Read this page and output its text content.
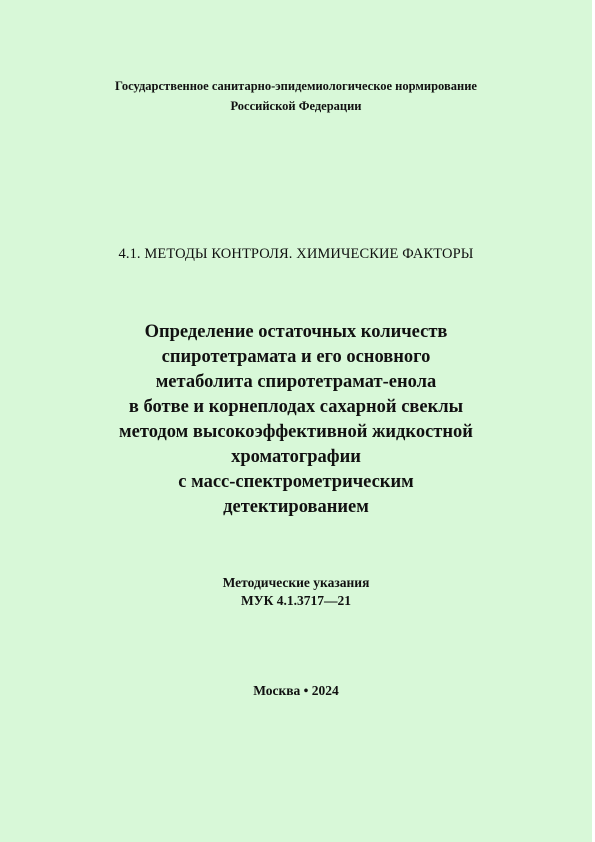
Государственное санитарно-эпидемиологическое нормирование
Российской Федерации
4.1. МЕТОДЫ КОНТРОЛЯ. ХИМИЧЕСКИЕ ФАКТОРЫ
Определение остаточных количеств
спиротетрамата и его основного
метаболита спиротетрамат-енола
в ботве и корнеплодах сахарной свеклы
методом высокоэффективной жидкостной
хроматографии
с масс-спектрометрическим
детектированием
Методические указания
МУК 4.1.3717—21
Москва • 2024
